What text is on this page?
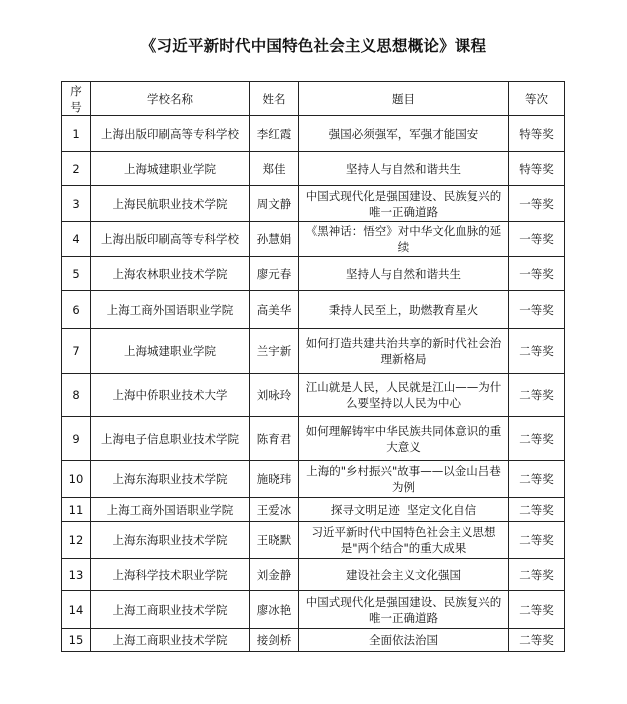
《习近平新时代中国特色社会主义思想概论》课程
序号	学校名称	姓名	题目	等次
1	上海出版印刷高等专科学校	李红霞	强国必须强军，军强才能国安	特等奖
2	上海城建职业学院	郑佳	坚持人与自然和谐共生	特等奖
3	上海民航职业技术学院	周文静	中国式现代化是强国建设、民族复兴的唯一正确道路	一等奖
4	上海出版印刷高等专科学校	孙慧娟	《黑神话：悟空》对中华文化血脉的延续	一等奖
5	上海农林职业技术学院	廖元春	坚持人与自然和谐共生	一等奖
6	上海工商外国语职业学院	高美华	秉持人民至上，助燃教育星火	一等奖
7	上海城建职业学院	兰宇新	如何打造共建共治共享的新时代社会治理新格局	二等奖
8	上海中侨职业技术大学	刘咏玲	江山就是人民，人民就是江山——为什么要坚持以人民为中心	二等奖
9	上海电子信息职业技术学院	陈育君	如何理解铸牢中华民族共同体意识的重大意义	二等奖
10	上海东海职业技术学院	施晓玮	上海的"乡村振兴"故事——以金山吕巷为例	二等奖
11	上海工商外国语职业学院	王爱冰	探寻文明足迹  坚定文化自信	二等奖
12	上海东海职业技术学院	王晓默	习近平新时代中国特色社会主义思想是"两个结合"的重大成果	二等奖
13	上海科学技术职业学院	刘金静	建设社会主义文化强国	二等奖
14	上海工商职业技术学院	廖冰艳	中国式现代化是强国建设、民族复兴的唯一正确道路	二等奖
15	上海工商职业技术学院	接剑桥	全面依法治国	二等奖
